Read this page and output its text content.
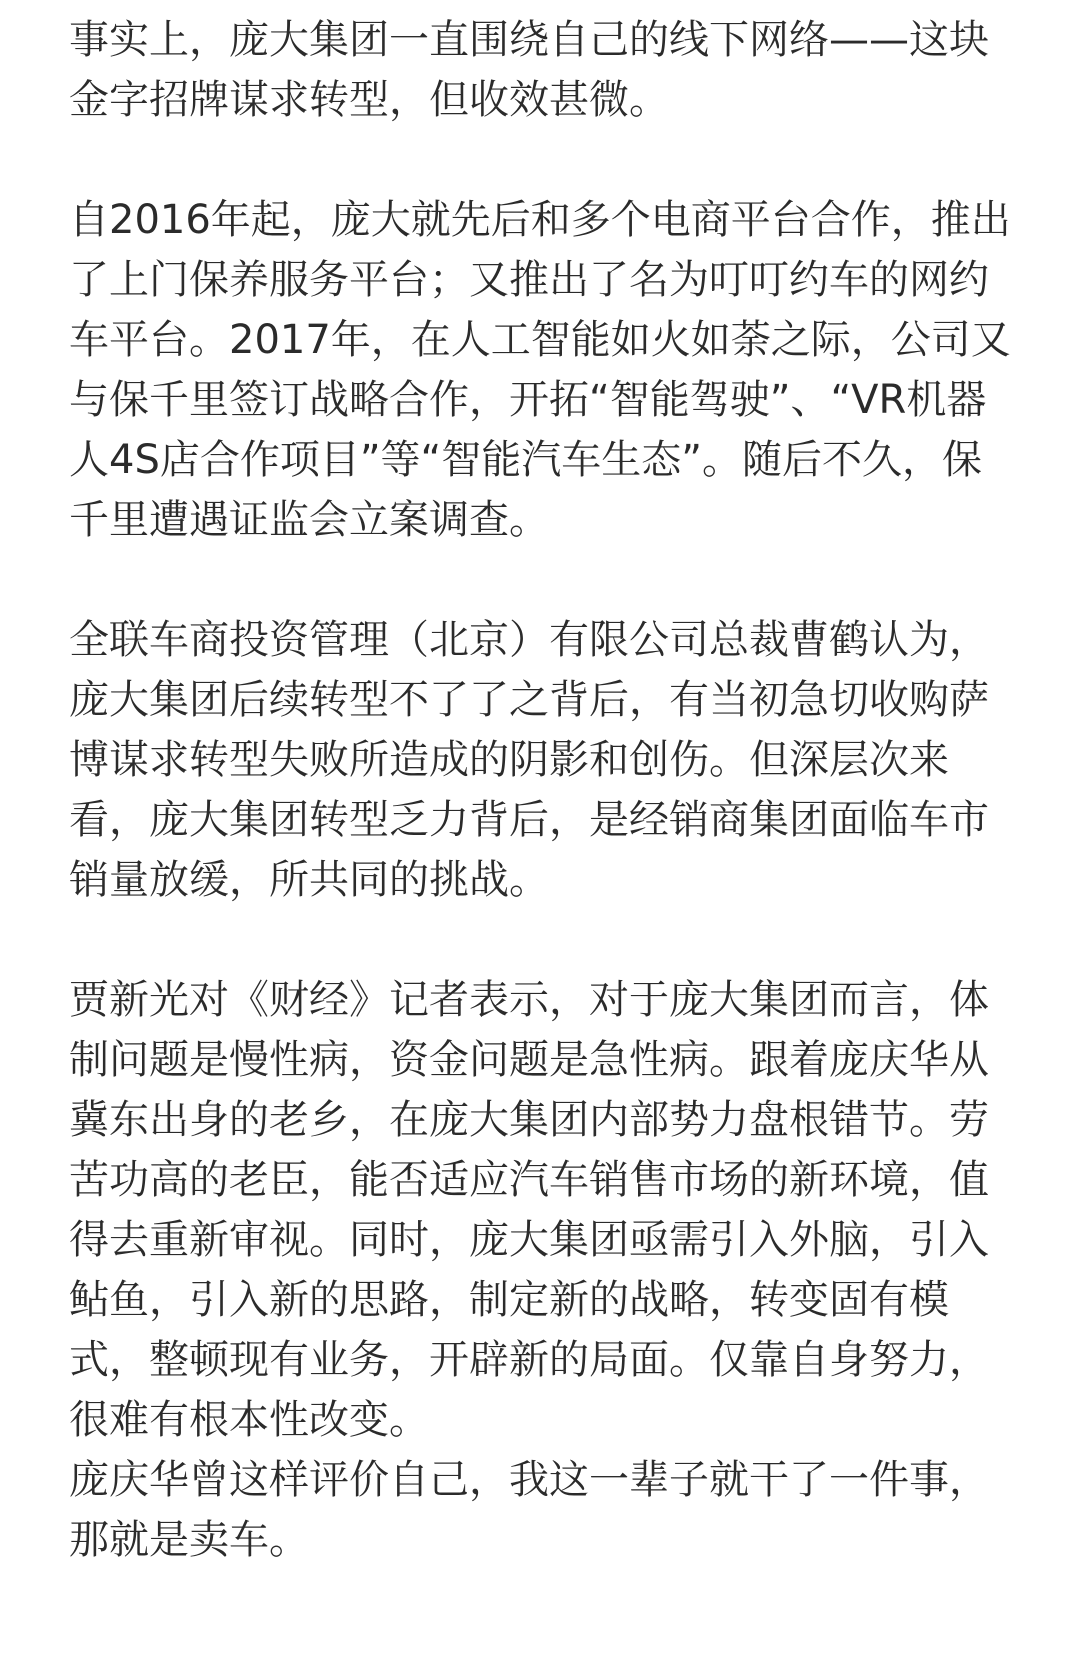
事实上，庞大集团一直围绕自己的线下网络——这块
金字招牌谋求转型，但收效甚微。

自2016年起，庞大就先后和多个电商平台合作，推出
了上门保养服务平台；又推出了名为叮叮约车的网约
车平台。2017年，在人工智能如火如荼之际，公司又
与保千里签订战略合作，开拓“智能驾驶”、“VR机器
人4S店合作项目”等“智能汽车生态”。随后不久，保
千里遭遇证监会立案调查。

全联车商投资管理（北京）有限公司总裁曹鹤认为，
庞大集团后续转型不了了之背后，有当初急切收购萨
博谋求转型失败所造成的阴影和创伤。但深层次来
看，庞大集团转型乏力背后，是经销商集团面临车市
销量放缓，所共同的挑战。

贾新光对《财经》记者表示，对于庞大集团而言，体
制问题是慢性病，资金问题是急性病。跟着庞庆华从
冀东出身的老乡，在庞大集团内部势力盘根错节。劳
苦功高的老臣，能否适应汽车销售市场的新环境，值
得去重新审视。同时，庞大集团亟需引入外脑，引入
鲇鱼，引入新的思路，制定新的战略，转变固有模
式，整顿现有业务，开辟新的局面。仅靠自身努力，
很难有根本性改变。

庞庆华曾这样评价自己，我这一辈子就干了一件事，
那就是卖车。
